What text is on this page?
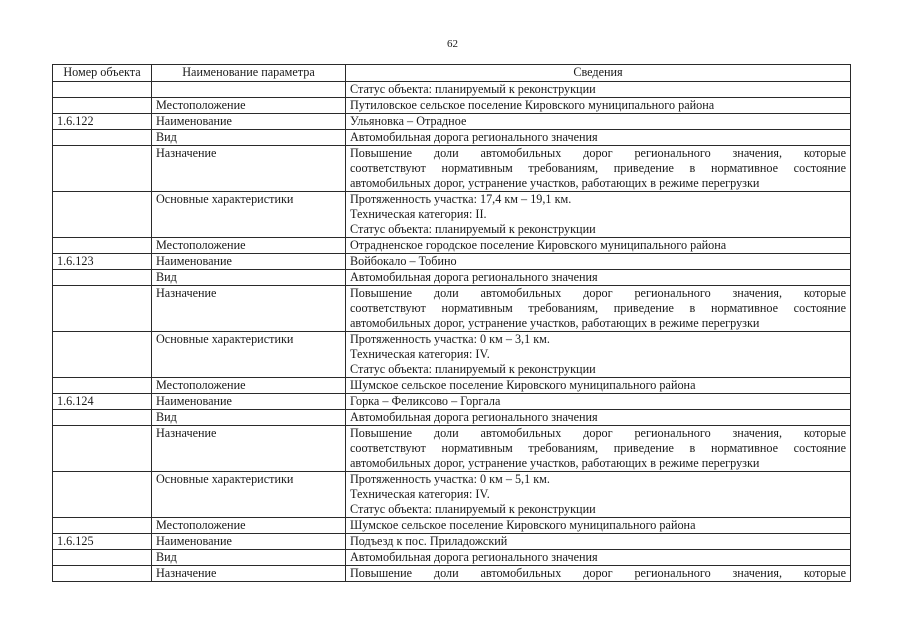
62
Номер объекта	Наименование параметра	Сведения

		Статус объекта: планируемый к реконструкции

	Местоположение	Путиловское сельское поселение Кировского муниципального района

1.6.122	Наименование	Ульяновка – Отрадное

	Вид	Автомобильная дорога регионального значения

	Назначение	Повышение доли автомобильных дорог регионального значения, которые
соответствуют нормативным требованиям, приведение в нормативное состояние
автомобильных дорог, устранение участков, работающих в режиме перегрузки

	Основные характеристики	Протяженность участка: 17,4 км – 19,1 км.
Техническая категория: II.
Статус объекта: планируемый к реконструкции

	Местоположение	Отрадненское городское поселение Кировского муниципального района

1.6.123	Наименование	Войбокало – Тобино

	Вид	Автомобильная дорога регионального значения

	Назначение	Повышение доли автомобильных дорог регионального значения, которые
соответствуют нормативным требованиям, приведение в нормативное состояние
автомобильных дорог, устранение участков, работающих в режиме перегрузки

	Основные характеристики	Протяженность участка: 0 км – 3,1 км.
Техническая категория: IV.
Статус объекта: планируемый к реконструкции

	Местоположение	Шумское сельское поселение Кировского муниципального района

1.6.124	Наименование	Горка – Феликсово – Горгала

	Вид	Автомобильная дорога регионального значения

	Назначение	Повышение доли автомобильных дорог регионального значения, которые
соответствуют нормативным требованиям, приведение в нормативное состояние
автомобильных дорог, устранение участков, работающих в режиме перегрузки

	Основные характеристики	Протяженность участка: 0 км – 5,1 км.
Техническая категория: IV.
Статус объекта: планируемый к реконструкции

	Местоположение	Шумское сельское поселение Кировского муниципального района

1.6.125	Наименование	Подъезд к пос. Приладожский

	Вид	Автомобильная дорога регионального значения

	Назначение	Повышение доли автомобильных дорог регионального значения, которые
